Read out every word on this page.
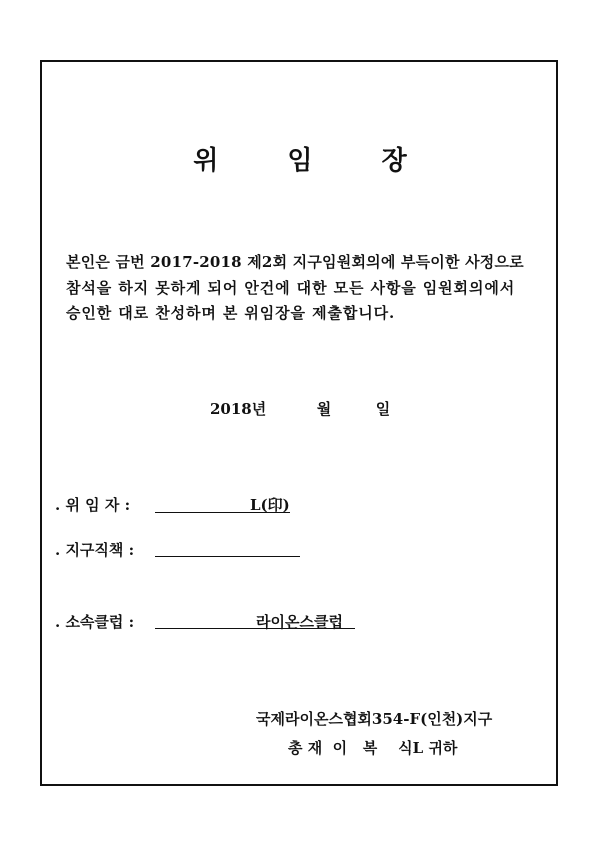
위 임 장
본인은 금번 2017-2018 제2회 지구임원회의에 부득이한 사정으로
참석을 하지 못하게 되어 안건에 대한 모든 사항을 임원회의에서
승인한 대로 찬성하며 본 위임장을 제출합니다.
2018년	월	일
. 위 임 자 :	L(印)
. 지구직책 :
. 소속클럽 :	라이온스클럽
국제라이온스협회354-F(인천)지구
총 재  이   복    식L 귀하
